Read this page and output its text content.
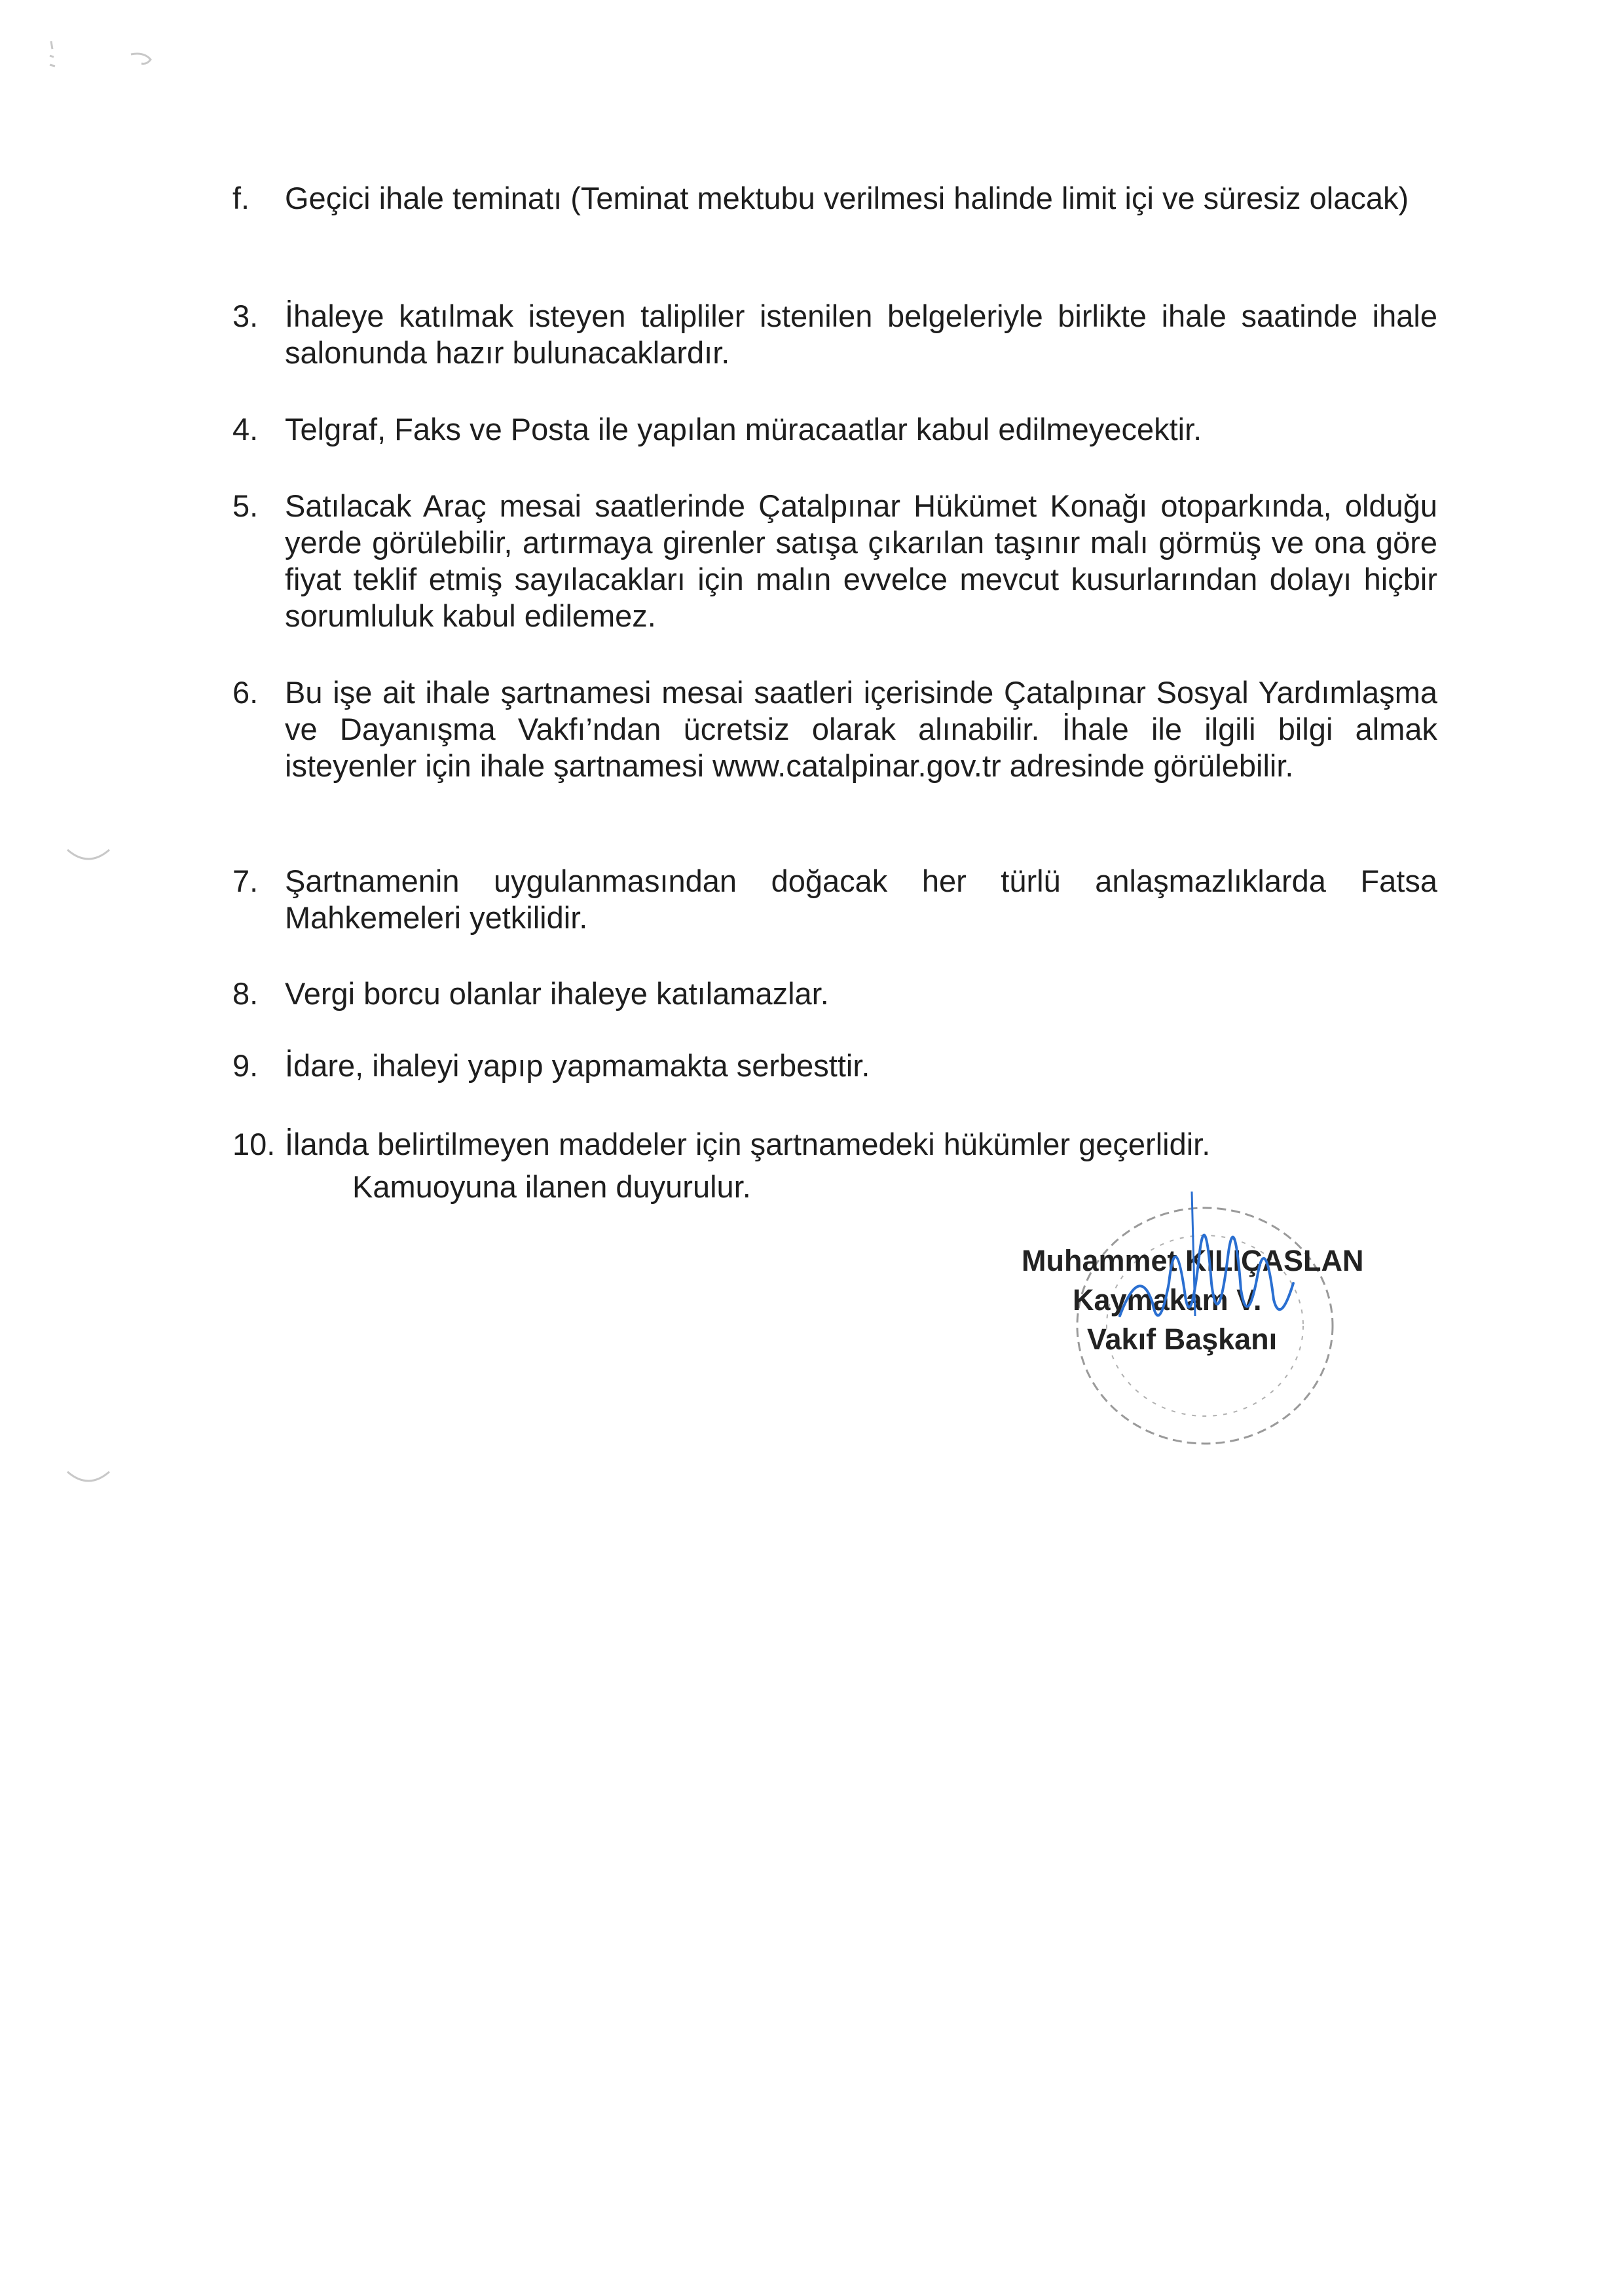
f.	Geçici ihale teminatı (Teminat mektubu verilmesi halinde limit içi ve süresiz olacak)
3. İhaleye katılmak isteyen talipliler istenilen belgeleriyle birlikte ihale saatinde ihale salonunda hazır bulunacaklardır.
4. Telgraf, Faks ve Posta ile yapılan müracaatlar kabul edilmeyecektir.
5. Satılacak Araç mesai saatlerinde Çatalpınar Hükümet Konağı otoparkında, olduğu yerde görülebilir, artırmaya girenler satışa çıkarılan taşınır malı görmüş ve ona göre fiyat teklif etmiş sayılacakları için malın evvelce mevcut kusurlarından dolayı hiçbir sorumluluk kabul edilemez.
6. Bu işe ait ihale şartnamesi mesai saatleri içerisinde Çatalpınar Sosyal Yardımlaşma ve Dayanışma Vakfı’ndan ücretsiz olarak alınabilir. İhale ile ilgili bilgi almak isteyenler için ihale şartnamesi www.catalpinar.gov.tr adresinde görülebilir.
7. Şartnamenin uygulanmasından doğacak her türlü anlaşmazlıklarda Fatsa Mahkemeleri yetkilidir.
8. Vergi borcu olanlar ihaleye katılamazlar.
9. İdare, ihaleyi yapıp yapmamakta serbesttir.
10. İlanda belirtilmeyen maddeler için şartnamedeki hükümler geçerlidir.
Kamuoyuna ilanen duyurulur.
Muhammet KILIÇASLAN
Kaymakam V.
Vakıf Başkanı
